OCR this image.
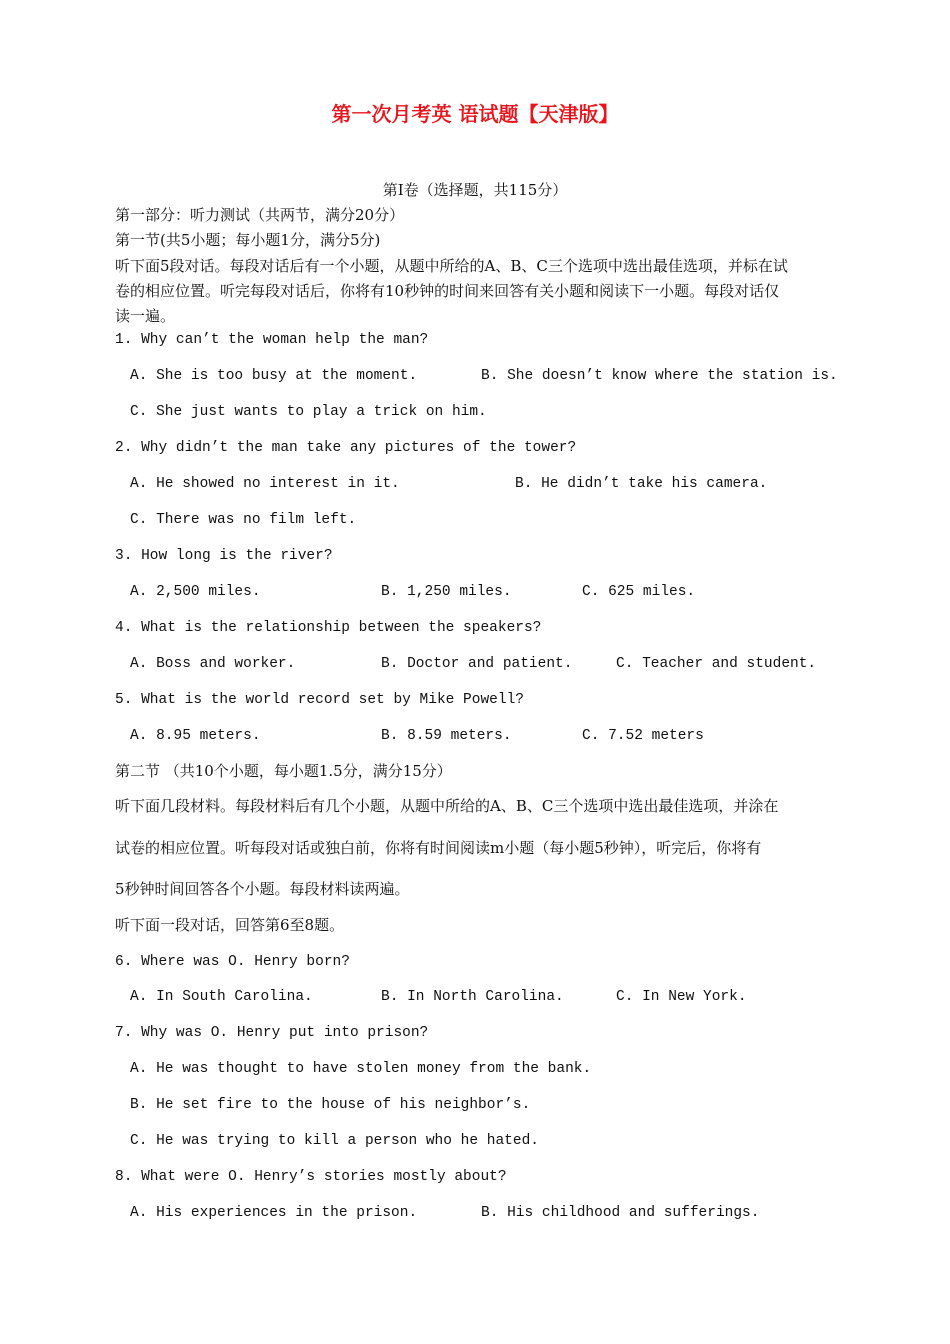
第一次月考英 语试题【天津版】
第Ⅰ卷（选择题，共115分）
第一部分：听力测试（共两节，满分20分）
第一节(共5小题；每小题1分，满分5分)
听下面5段对话。每段对话后有一个小题，从题中所给的A、B、C三个选项中选出最佳选项，并标在试
卷的相应位置。听完每段对话后，你将有10秒钟的时间来回答有关小题和阅读下一小题。每段对话仅
读一遍。
1. Why can’t the woman help the man?
A. She is too busy at the moment.	B. She doesn’t know where the station is.
C. She just wants to play a trick on him.
2. Why didn’t the man take any pictures of the tower?
A. He showed no interest in it.	B. He didn’t take his camera.
C. There was no film left.
3. How long is the river?
A. 2,500 miles.	B. 1,250 miles.	C. 625 miles.
4. What is the relationship between the speakers?
A. Boss and worker.	B. Doctor and patient.	C. Teacher and student.
5. What is the world record set by Mike Powell?
A. 8.95 meters.	B. 8.59 meters.	C. 7.52 meters
第二节 （共10个小题，每小题1.5分，满分15分）
听下面几段材料。每段材料后有几个小题，从题中所给的A、B、C三个选项中选出最佳选项，并涂在
试卷的相应位置。听每段对话或独白前，你将有时间阅读m小题（每小题5秒钟），听完后，你将有
5秒钟时间回答各个小题。每段材料读两遍。
听下面一段对话，回答第6至8题。
6. Where was O. Henry born?
A. In South Carolina.	B. In North Carolina.	C. In New York.
7. Why was O. Henry put into prison?
A. He was thought to have stolen money from the bank.
B. He set fire to the house of his neighbor’s.
C. He was trying to kill a person who he hated.
8. What were O. Henry’s stories mostly about?
A. His experiences in the prison.	B. His childhood and sufferings.
